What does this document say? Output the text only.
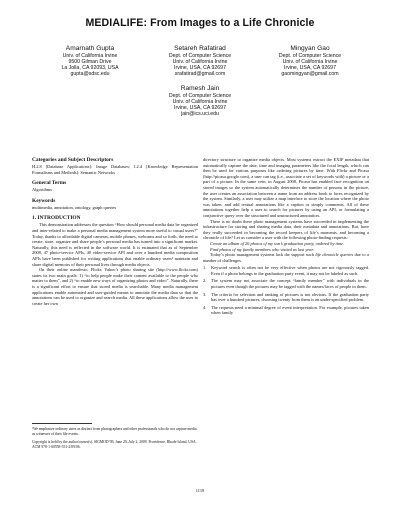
MEDIALIFE: From Images to a Life Chronicle
Amarnath Gupta
Univ. of California Irvine
9500 Gilman Drive
La Jolla, CA 92093, USA
gupta@sdsc.edu
Setareh Rafatirad
Dept. of Computer Science
Univ. of California Irvine
Irvine, USA, CA 92697
srafatirad@gmail.com
Mingyan Gao
Dept. of Computer Science
Univ. of California Irvine
Irvine, USA, CA 92697
gaomingyan@gmail.com
Ramesh Jain
Dept. of Computer Science
Univ. of California Irvine
Irvine, USA, CA 92697
jain@ics.uci.edu
Categories and Subject Descriptors

H.2.8 [Database Applications]: Image Databases; I.2.4 [Knowledge Representation Formalisms and Methods]: Semantic Networks

General Terms

Algorithms

Keywords

multimedia, annotation, ontology, graph queries

1. INTRODUCTION

This demonstration addresses the question “How should personal media data be organized and inter-related to make a personal media management system more useful to casual users?” Today, thanks to affordable digital cameras, mobile phones, webcams and so forth, the need to create, store, organize and share people’s personal media has turned into a significant market. Naturally, this need is reflected in the software world. It is estimated that as of September 2008, 47 photo-service APIs, 40 video-service API and over a hundred media composition APIs have been published for writing applications that enable ordinary users¹ maintain and share digital memoirs of their personal lives through media objects.

On their online manifesto, Flickr, Yahoo’s photo sharing site (http://www.flickr.com) states its two main goals: 1) “to help people make their content available to the people who matter to them”, and 2) “to enable new ways of organizing photos and video”. Naturally, there is a significant effort to ensure that stored media is searchable. Many media management applications enable automated and user-guided means to annotate the media data so that the annotations can be used to organize and search media. All these applications allow the user to create her own

¹We emphasize ordinary users as distinct from photographers and other professionals who do not capture media as witnesses of their life events.
Copyright is held by the author/owner(s). SIGMOD’09, June 29–July 2, 2009, Providence, Rhode Island, USA. ACM 978-1-60558-551-2/09/06.

directory structure to organize media objects. Most systems extract the EXIF metadata that automatically capture the date, time and imaging parameters like the focal length, which can then be used for various purposes like ordering pictures by time. With Flickr and Picasa (http://picasa.google.com), a user can tag (i.e., associate a set of keywords with) a picture or a part of a picture. In the same vein, in August 2008, Picasa has enabled face recognition on stored images so the system automatically determines the number of persons in the picture, the user creates an association between a name from an address book to faces recognized by the system. Similarly, a user may utilize a map interface to store the location where the photo was taken, and add textual annotations like a caption or simply comments. All of these annotations together help a user to search for pictures by using an API, or formulating a conjunctive query over the structured and unstructured annotation.

There is no doubt these photo management systems have succeeded in implementing the infrastructure for storing and sharing media data, their metadata and annotations. But, have they really succeeded in becoming the record keepers of life’s moments, and becoming a chronicle of life? Let us consider a user with the following photo-finding requests:

Create an album of 20 photos of my son’s graduation party, ordered by time.

Find photos of my family members who visited us last year.

Today’s photo management systems lack the support such life chronicle queries due to a number of challenges.

1.	Keyword search is often not be very effective when photos are not rigorously tagged. Even if a photo belongs to the graduation party event, it may not be labeled as such.
2.	The system may not associate the concept “family member” with individuals in the pictures even though the pictures may be tagged with the names/faces of people in them.
3.	The criteria for selection and ranking of pictures is not obvious. If the graduation party has over a hundred pictures, choosing twenty from them is an under-specified problem.
4.	The requests need a minimal degree of event interpretation. For example, pictures taken when family
1119
